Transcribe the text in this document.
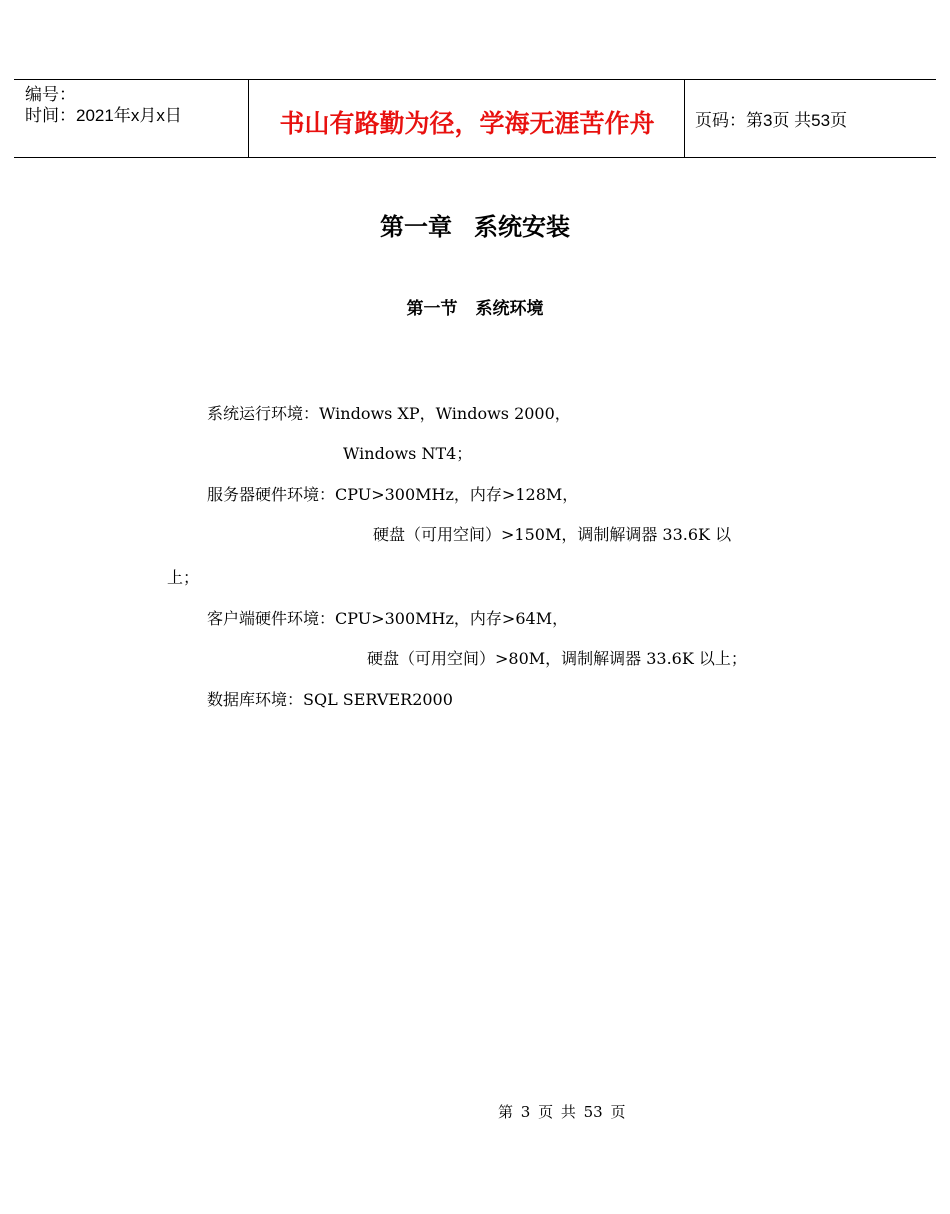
编号：
时间：2021年x月x日	书山有路勤为径，学海无涯苦作舟	页码：第3页 共53页
第一章 系统安装
第一节 系统环境
系统运行环境：Windows XP，Windows 2000，
Windows NT4；
服务器硬件环境：CPU>300MHz，内存>128M，
硬盘（可用空间）>150M，调制解调器 33.6K 以
上；
客户端硬件环境：CPU>300MHz，内存>64M，
硬盘（可用空间）>80M，调制解调器 33.6K 以上；
数据库环境：SQL SERVER2000
第 3 页 共 53 页
